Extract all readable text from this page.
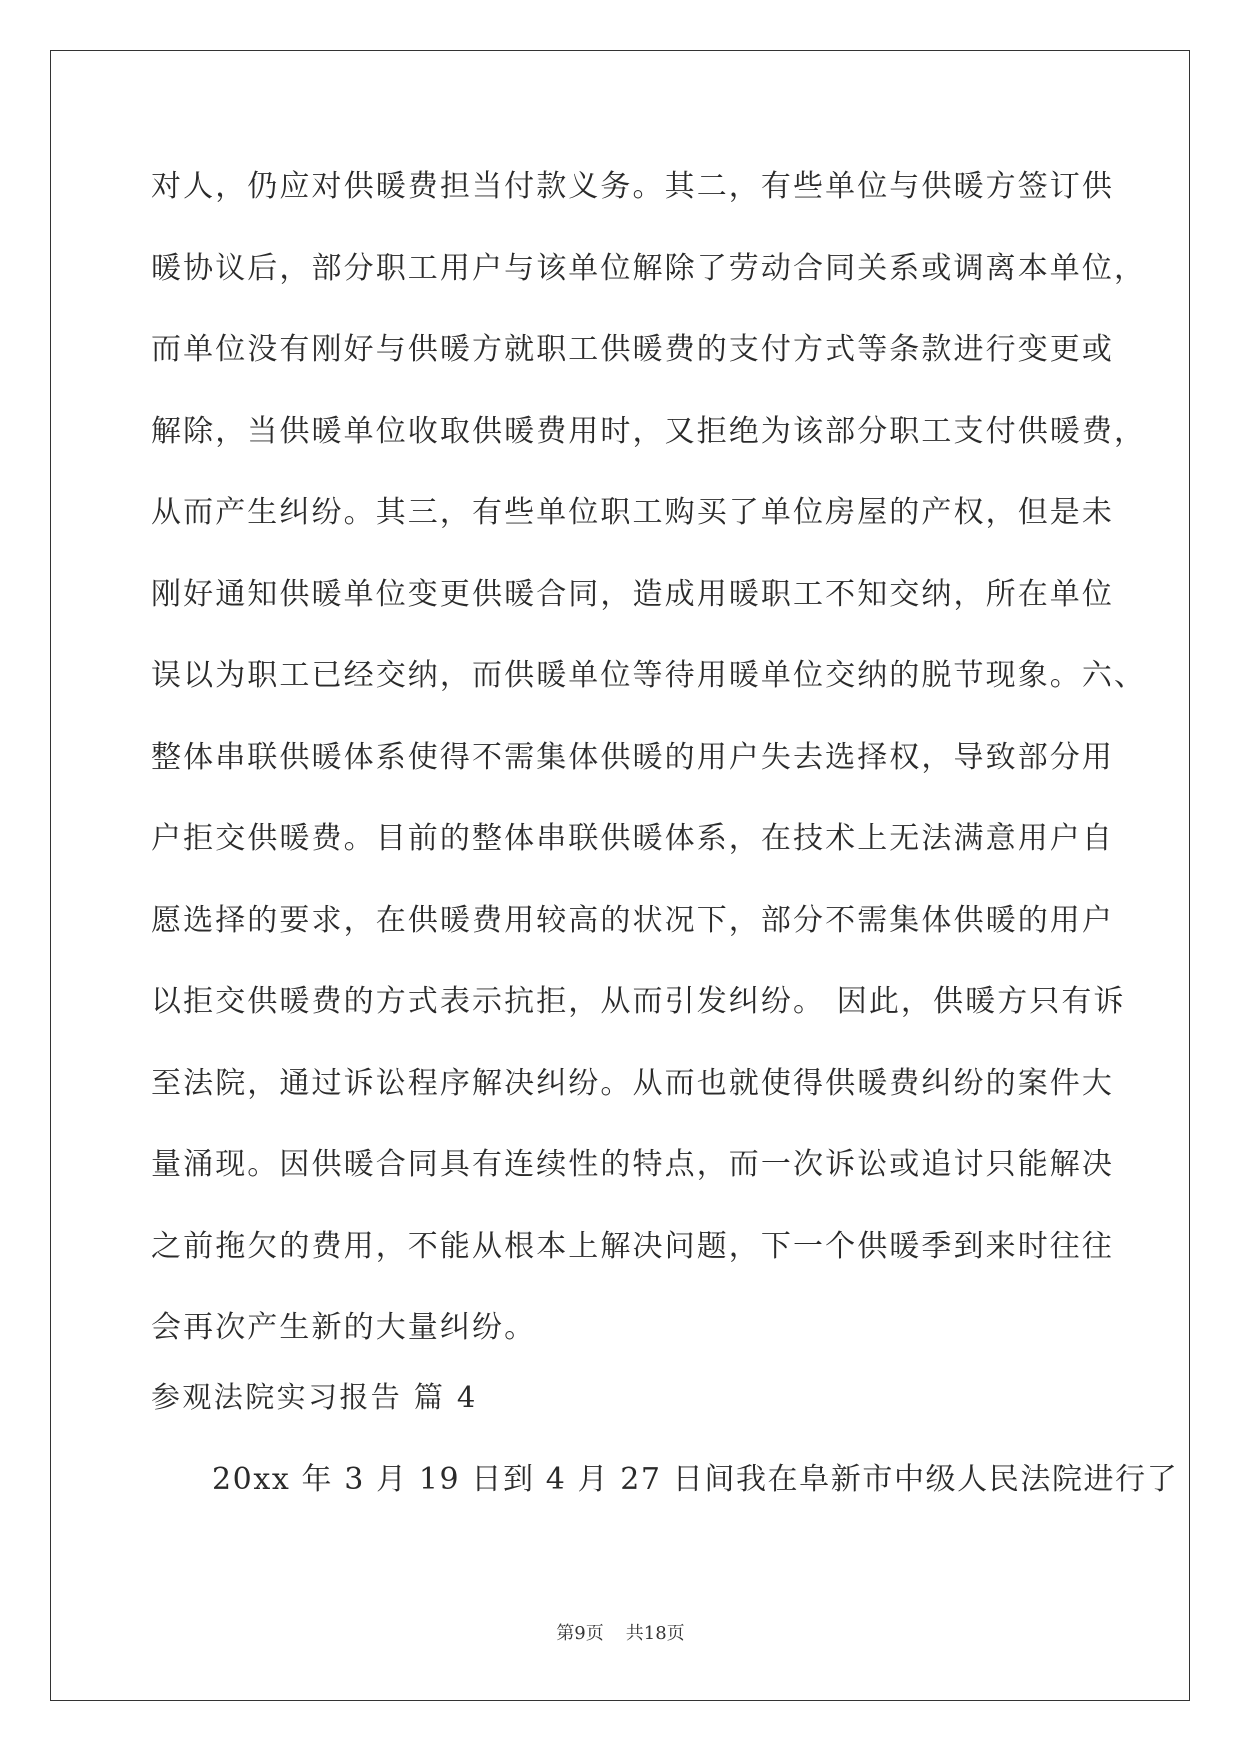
对人，仍应对供暖费担当付款义务。其二，有些单位与供暖方签订供

暖协议后，部分职工用户与该单位解除了劳动合同关系或调离本单位，

而单位没有刚好与供暖方就职工供暖费的支付方式等条款进行变更或

解除，当供暖单位收取供暖费用时，又拒绝为该部分职工支付供暖费，

从而产生纠纷。其三，有些单位职工购买了单位房屋的产权，但是未

刚好通知供暖单位变更供暖合同，造成用暖职工不知交纳，所在单位

误以为职工已经交纳，而供暖单位等待用暖单位交纳的脱节现象。六、

整体串联供暖体系使得不需集体供暖的用户失去选择权，导致部分用

户拒交供暖费。目前的整体串联供暖体系，在技术上无法满意用户自

愿选择的要求，在供暖费用较高的状况下，部分不需集体供暖的用户

以拒交供暖费的方式表示抗拒，从而引发纠纷。 因此，供暖方只有诉

至法院，通过诉讼程序解决纠纷。从而也就使得供暖费纠纷的案件大

量涌现。因供暖合同具有连续性的特点，而一次诉讼或追讨只能解决

之前拖欠的费用，不能从根本上解决问题，下一个供暖季到来时往往

会再次产生新的大量纠纷。

参观法院实习报告 篇 4

20xx 年 3 月 19 日到 4 月 27 日间我在阜新市中级人民法院进行了

第9页 共18页
